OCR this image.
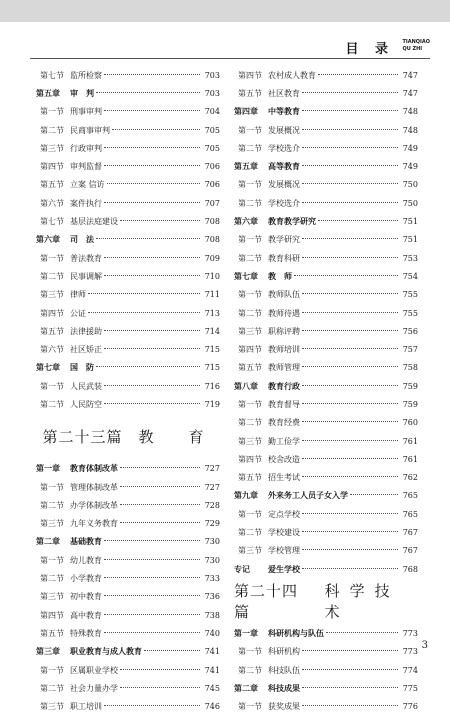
目 录 TIANQIAO
QU ZHI
第七节 监所检察	703
第五章	审　判	703
第一节 刑事审判	704
第二节 民商事审判	705
第三节 行政审判	705
第四节 审判监督	706
第五节 立案 信访	706
第六节 案件执行	707
第七节 基层法庭建设	708
第六章	司　法	708
第一节 普法教育	709
第二节 民事调解	710
第三节 律师	711
第四节 公证	713
第五节 法律援助	714
第六节 社区矫正	715
第七章	国　防	715
第一节 人民武装	716
第二节 人民防空	719
第二十三篇 教　育
第一章	教育体制改革	727
第一节 管理体制改革	727
第二节 办学体制改革	728
第三节 九年义务教育	729
第二章	基础教育	730
第一节 幼儿教育	730
第二节 小学教育	733
第三节 初中教育	736
第四节 高中教育	738
第五节 特殊教育	740
第三章	职业教育与成人教育	741
第一节 区属职业学校	741
第二节 社会力量办学	745
第三节 职工培训	746
第四节 农村成人教育	747
第五节 社区教育	747
第四章	中等教育	748
第一节 发展概况	748
第二节 学校选介	749
第五章	高等教育	749
第一节 发展概况	750
第二节 学校选介	750
第六章	教育教学研究	751
第一节 教学研究	751
第二节 教育科研	753
第七章	教　师	754
第一节 教师队伍	755
第二节 教师待遇	755
第三节 职称评聘	756
第四节 教师培训	757
第五节 教师管理	758
第八章	教育行政	759
第一节 教育督导	759
第二节 教育经费	760
第三节 勤工俭学	761
第四节 校舍改造	761
第五节 招生考试	762
第九章	外来务工人员子女入学	765
第一节 定点学校	765
第二节 学校建设	767
第三节 学校管理	767
专记	爱生学校	768
第二十四篇
科学技术
第一章	科研机构与队伍	773
第一节 科研机构	773
第二节 科技队伍	774
第二章	科技成果	775
第一节 获奖成果	776
3
